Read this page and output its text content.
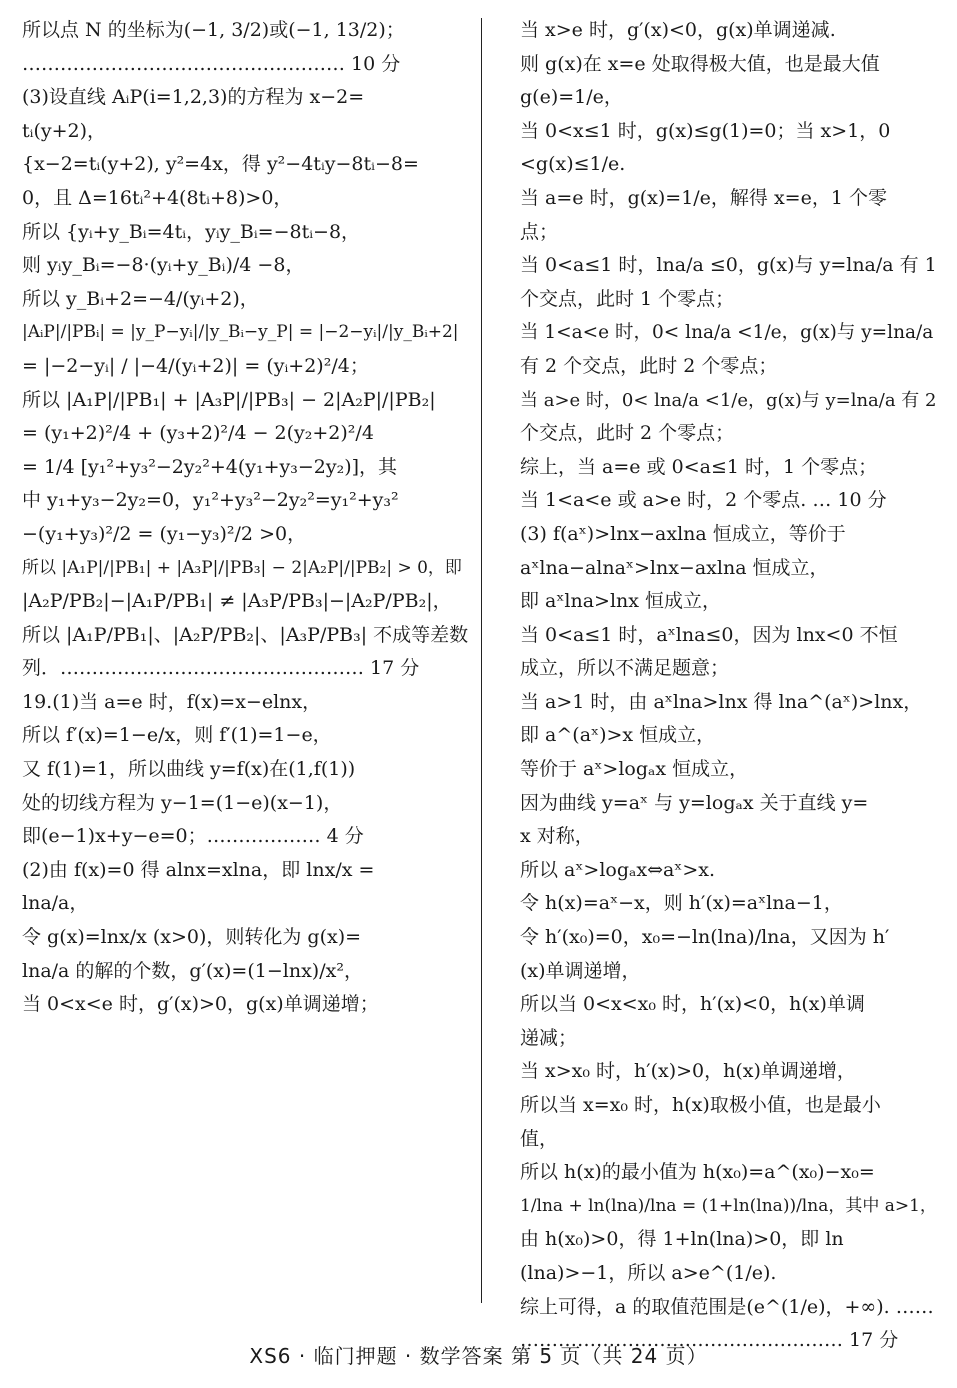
所以点 N 的坐标为(−1, 3/2)或(−1, 13/2)；
…………………………………………… 10 分
(3)设直线 AᵢP(i=1,2,3)的方程为 x−2=
tᵢ(y+2)，
{x−2=tᵢ(y+2), y²=4x，得 y²−4tᵢy−8tᵢ−8=
0，且 Δ=16tᵢ²+4(8tᵢ+8)>0，
所以 {yᵢ+y_Bᵢ=4tᵢ，yᵢy_Bᵢ=−8tᵢ−8，
则 yᵢy_Bᵢ=−8·(yᵢ+y_Bᵢ)/4 −8，
所以 y_Bᵢ+2=−4/(yᵢ+2)，
|AᵢP|/|PBᵢ| = |y_P−yᵢ|/|y_Bᵢ−y_P| = |−2−yᵢ|/|y_Bᵢ+2|
= |−2−yᵢ| / |−4/(yᵢ+2)| = (yᵢ+2)²/4；
所以 |A₁P|/|PB₁| + |A₃P|/|PB₃| − 2|A₂P|/|PB₂|
= (y₁+2)²/4 + (y₃+2)²/4 − 2(y₂+2)²/4
= 1/4 [y₁²+y₃²−2y₂²+4(y₁+y₃−2y₂)]，其
中 y₁+y₃−2y₂=0，y₁²+y₃²−2y₂²=y₁²+y₃²
−(y₁+y₃)²/2 = (y₁−y₃)²/2 >0，
所以 |A₁P|/|PB₁| + |A₃P|/|PB₃| − 2|A₂P|/|PB₂| > 0，即
|A₂P/PB₂|−|A₁P/PB₁| ≠ |A₃P/PB₃|−|A₂P/PB₂|，
所以 |A₁P/PB₁|、|A₂P/PB₂|、|A₃P/PB₃| 不成等差数
列．………………………………………… 17 分
19.(1)当 a=e 时，f(x)=x−elnx，
所以 f′(x)=1−e/x，则 f′(1)=1−e，
又 f(1)=1，所以曲线 y=f(x)在(1,f(1))
处的切线方程为 y−1=(1−e)(x−1)，
即(e−1)x+y−e=0；……………… 4 分
(2)由 f(x)=0 得 alnx=xlna，即 lnx/x =
lna/a，
令 g(x)=lnx/x (x>0)，则转化为 g(x)=
lna/a 的解的个数，g′(x)=(1−lnx)/x²，
当 0<x<e 时，g′(x)>0，g(x)单调递增；
当 x>e 时，g′(x)<0，g(x)单调递减.
则 g(x)在 x=e 处取得极大值，也是最大值
g(e)=1/e，
当 0<x≤1 时，g(x)≤g(1)=0；当 x>1，0
<g(x)≤1/e.
当 a=e 时，g(x)=1/e，解得 x=e，1 个零
点；
当 0<a≤1 时，lna/a ≤0，g(x)与 y=lna/a 有 1
个交点，此时 1 个零点；
当 1<a<e 时，0< lna/a <1/e，g(x)与 y=lna/a
有 2 个交点，此时 2 个零点；
当 a>e 时，0< lna/a <1/e，g(x)与 y=lna/a 有 2
个交点，此时 2 个零点；
综上，当 a=e 或 0<a≤1 时，1 个零点；
当 1<a<e 或 a>e 时，2 个零点. … 10 分
(3) f(aˣ)>lnx−axlna 恒成立，等价于
aˣlna−alnaˣ>lnx−axlna 恒成立，
即 aˣlna>lnx 恒成立，
当 0<a≤1 时，aˣlna≤0，因为 lnx<0 不恒
成立，所以不满足题意；
当 a>1 时，由 aˣlna>lnx 得 lna^(aˣ)>lnx，
即 a^(aˣ)>x 恒成立，
等价于 aˣ>logₐx 恒成立，
因为曲线 y=aˣ 与 y=logₐx 关于直线 y=
x 对称，
所以 aˣ>logₐx⇔aˣ>x.
令 h(x)=aˣ−x，则 h′(x)=aˣlna−1，
令 h′(x₀)=0，x₀=−ln(lna)/lna，又因为 h′
(x)单调递增，
所以当 0<x<x₀ 时，h′(x)<0，h(x)单调
递减；
当 x>x₀ 时，h′(x)>0，h(x)单调递增，
所以当 x=x₀ 时，h(x)取极小值，也是最小
值，
所以 h(x)的最小值为 h(x₀)=a^(x₀)−x₀=
1/lna + ln(lna)/lna = (1+ln(lna))/lna，其中 a>1，
由 h(x₀)>0，得 1+ln(lna)>0，即 ln
(lna)>−1，所以 a>e^(1/e).
综上可得，a 的取值范围是(e^(1/e)，+∞). ……
…………………………………………… 17 分
XS6 · 临门押题 · 数学答案 第 5 页（共 24 页）
